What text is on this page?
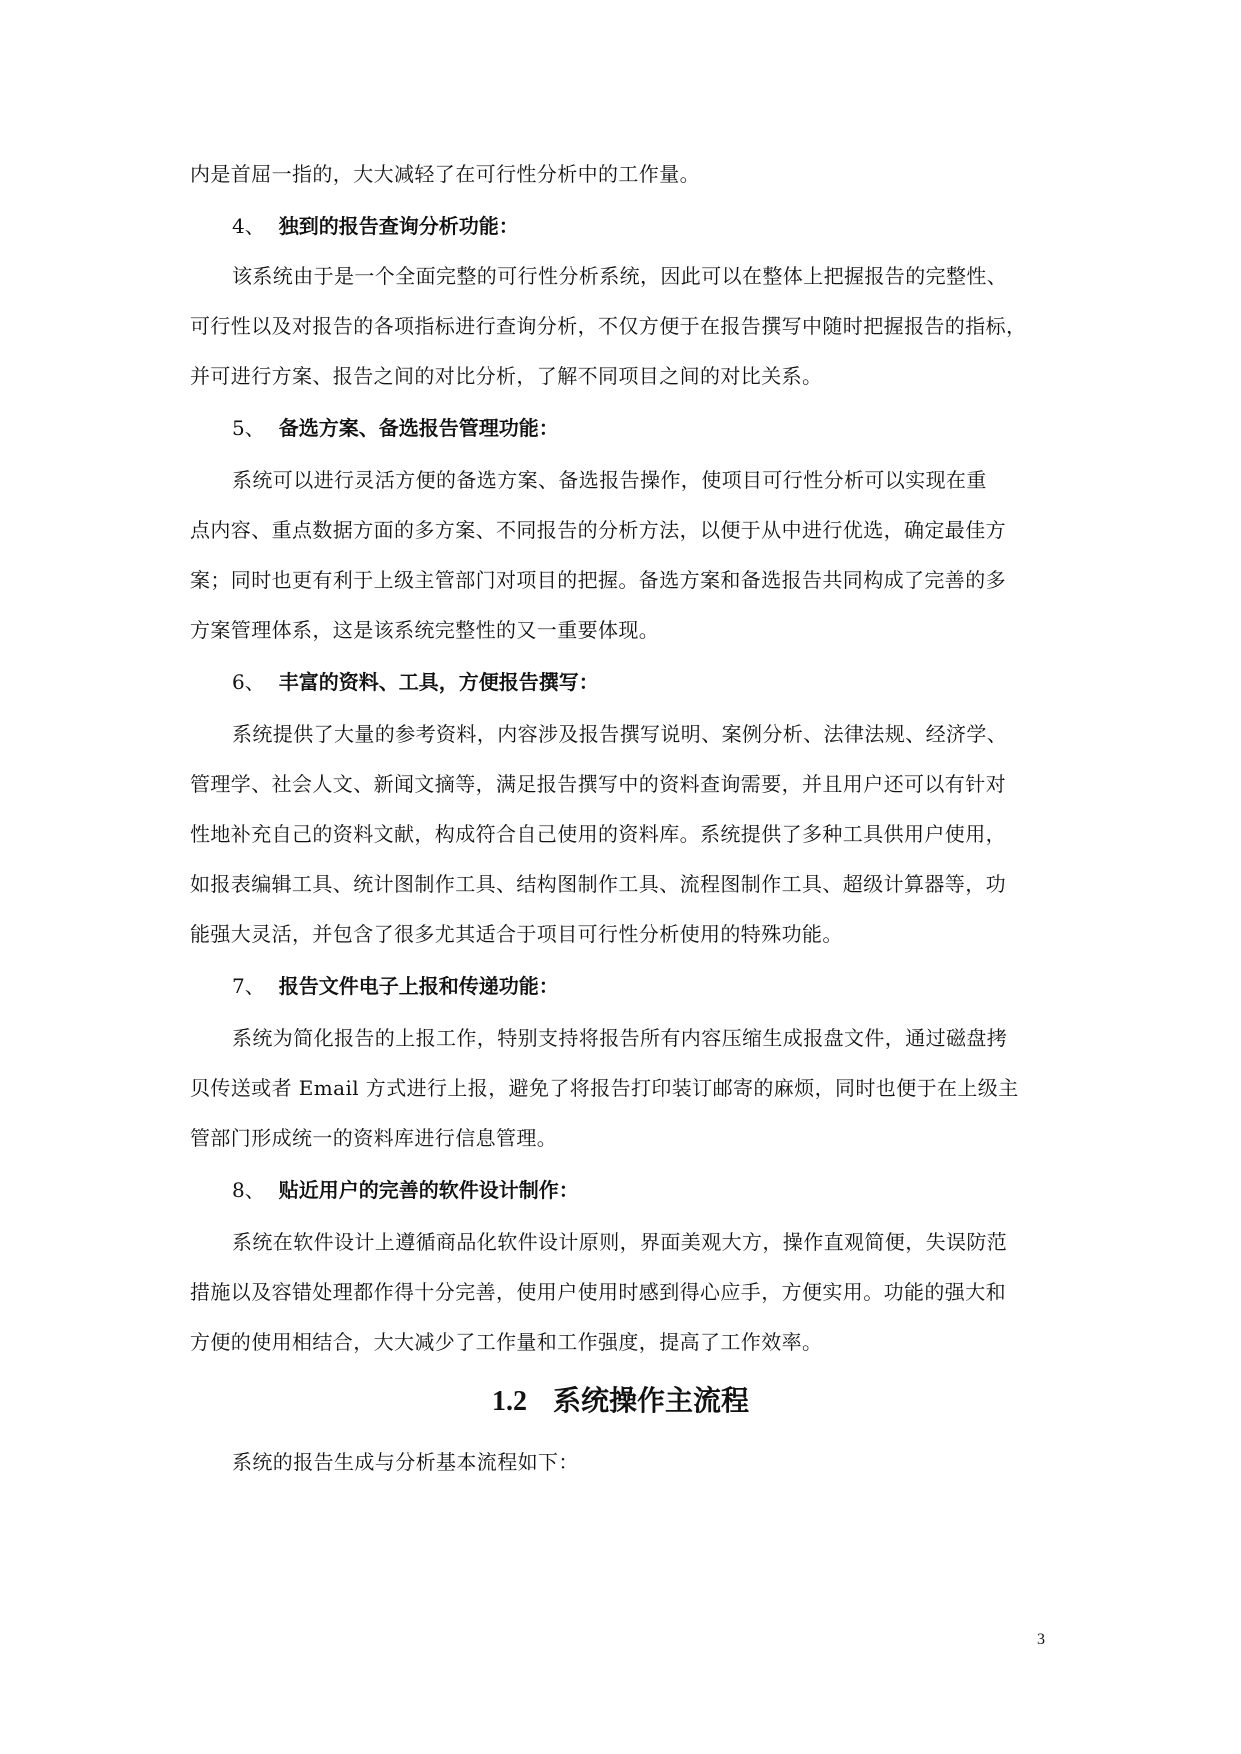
内是首屈一指的，大大减轻了在可行性分析中的工作量。
4、 独到的报告查询分析功能：
该系统由于是一个全面完整的可行性分析系统，因此可以在整体上把握报告的完整性、
可行性以及对报告的各项指标进行查询分析，不仅方便于在报告撰写中随时把握报告的指标，
并可进行方案、报告之间的对比分析，了解不同项目之间的对比关系。
5、 备选方案、备选报告管理功能：
系统可以进行灵活方便的备选方案、备选报告操作，使项目可行性分析可以实现在重
点内容、重点数据方面的多方案、不同报告的分析方法，以便于从中进行优选，确定最佳方
案；同时也更有利于上级主管部门对项目的把握。备选方案和备选报告共同构成了完善的多
方案管理体系，这是该系统完整性的又一重要体现。
6、 丰富的资料、工具，方便报告撰写：
系统提供了大量的参考资料，内容涉及报告撰写说明、案例分析、法律法规、经济学、
管理学、社会人文、新闻文摘等，满足报告撰写中的资料查询需要，并且用户还可以有针对
性地补充自己的资料文献，构成符合自己使用的资料库。系统提供了多种工具供用户使用，
如报表编辑工具、统计图制作工具、结构图制作工具、流程图制作工具、超级计算器等，功
能强大灵活，并包含了很多尤其适合于项目可行性分析使用的特殊功能。
7、 报告文件电子上报和传递功能：
系统为简化报告的上报工作，特别支持将报告所有内容压缩生成报盘文件，通过磁盘拷
贝传送或者 Email 方式进行上报，避免了将报告打印装订邮寄的麻烦，同时也便于在上级主
管部门形成统一的资料库进行信息管理。
8、 贴近用户的完善的软件设计制作：
系统在软件设计上遵循商品化软件设计原则，界面美观大方，操作直观简便，失误防范
措施以及容错处理都作得十分完善，使用户使用时感到得心应手，方便实用。功能的强大和
方便的使用相结合，大大减少了工作量和工作强度，提高了工作效率。
1.2 系统操作主流程
系统的报告生成与分析基本流程如下：
3
